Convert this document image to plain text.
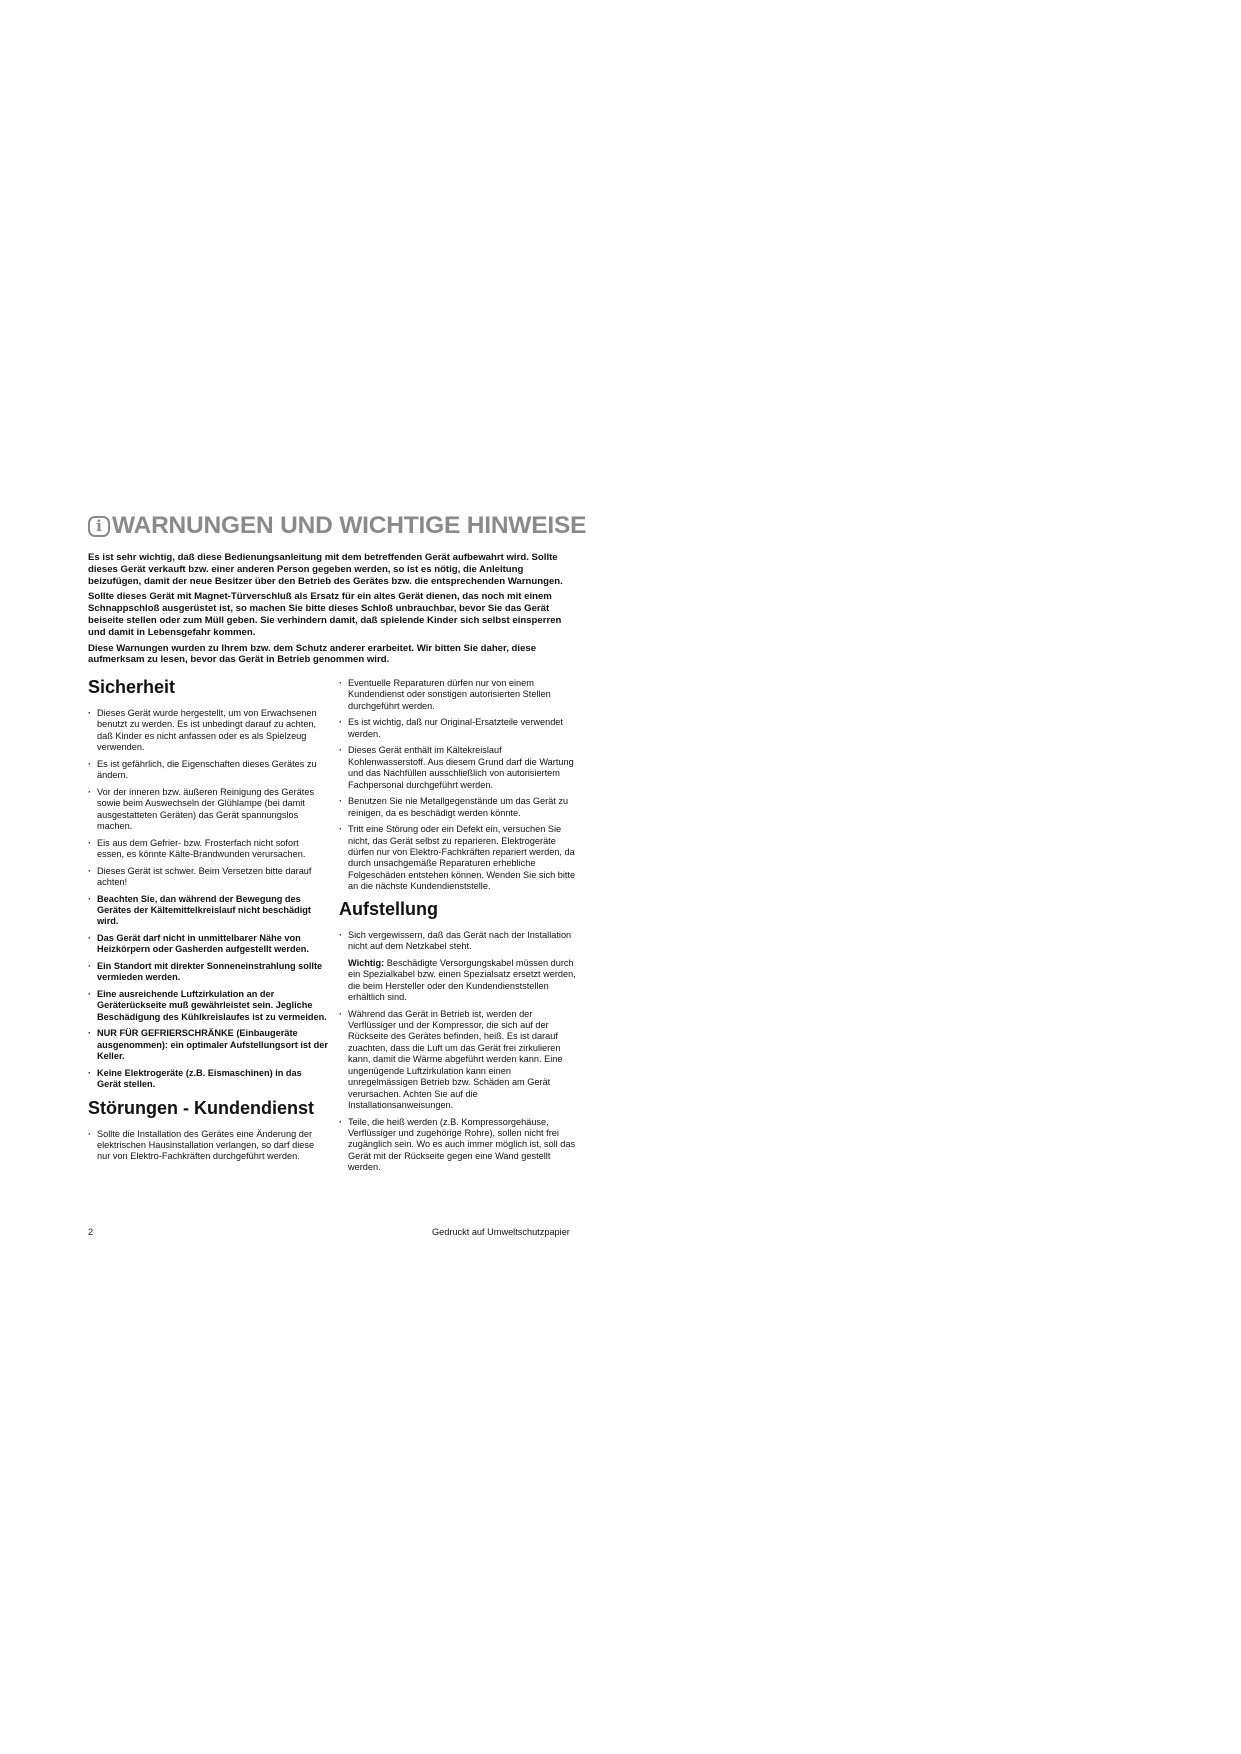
i WARNUNGEN UND WICHTIGE HINWEISE

Es ist sehr wichtig, daß diese Bedienungsanleitung mit dem betreffenden Gerät aufbewahrt wird. Sollte dieses Gerät verkauft bzw. einer anderen Person gegeben werden, so ist es nötig, die Anleitung beizufügen, damit der neue Besitzer über den Betrieb des Gerätes bzw. die entsprechenden Warnungen.

Sollte dieses Gerät mit Magnet-Türverschluß als Ersatz für ein altes Gerät dienen, das noch mit einem Schnappschloß ausgerüstet ist, so machen Sie bitte dieses Schloß unbrauchbar, bevor Sie das Gerät beiseite stellen oder zum Müll geben. Sie verhindern damit, daß spielende Kinder sich selbst einsperren und damit in Lebensgefahr kommen.

Diese Warnungen wurden zu Ihrem bzw. dem Schutz anderer erarbeitet. Wir bitten Sie daher, diese aufmerksam zu lesen, bevor das Gerät in Betrieb genommen wird.

Sicherheit
· Dieses Gerät wurde hergestellt, um von Erwachsenen benutzt zu werden. Es ist unbedingt darauf zu achten, daß Kinder es nicht anfassen oder es als Spielzeug verwenden.
· Es ist gefährlich, die Eigenschaften dieses Gerätes zu ändern.
· Vor der inneren bzw. äußeren Reinigung des Gerätes sowie beim Auswechseln der Glühlampe (bei damit ausgestatteten Geräten) das Gerät spannungslos machen.
· Eis aus dem Gefrier- bzw. Frosterfach nicht sofort essen, es könnte Kälte-Brandwunden verursachen.
· Dieses Gerät ist schwer. Beim Versetzen bitte darauf achten!
· Beachten Sie, dan während der Bewegung des Gerätes der Kältemittelkreislauf nicht beschädigt wird.
· Das Gerät darf nicht in unmittelbarer Nähe von Heizkörpern oder Gasherden aufgestellt werden.
· Ein Standort mit direkter Sonneneinstrahlung sollte vermieden werden.
· Eine ausreichende Luftzirkulation an der Geräterückseite muß gewährleistet sein. Jegliche Beschädigung des Kühlkreislaufes ist zu vermeiden.
· NUR FÜR GEFRIERSCHRÄNKE (Einbaugeräte ausgenommen): ein optimaler Aufstellungsort ist der Keller.
· Keine Elektrogeräte (z.B. Eismaschinen) in das Gerät stellen.
Störungen - Kundendienst
· Sollte die Installation des Gerätes eine Änderung der elektrischen Hausinstallation verlangen, so darf diese nur von Elektro-Fachkräften durchgeführt werden.
· Eventuelle Reparaturen dürfen nur von einem Kundendienst oder sonstigen autorisierten Stellen durchgeführt werden.
· Es ist wichtig, daß nur Original-Ersatzteile verwendet werden.
· Dieses Gerät enthält im Kältekreislauf Kohlenwasserstoff. Aus diesem Grund darf die Wartung und das Nachfüllen ausschließlich von autorisiertem Fachpersonal durchgeführt werden.
· Benutzen Sie nie Metallgegenstände um das Gerät zu reinigen, da es beschädigt werden könnte.
· Tritt eine Störung oder ein Defekt ein, versuchen Sie nicht, das Gerät selbst zu reparieren. Elektrogeräte dürfen nur von Elektro-Fachkräften repariert werden, da durch unsachgemäße Reparaturen erhebliche Folgeschäden entstehen können. Wenden Sie sich bitte an die nächste Kundendienststelle.
Aufstellung
· Sich vergewissern, daß das Gerät nach der Installation nicht auf dem Netzkabel steht.
Wichtig: Beschädigte Versorgungskabel müssen durch ein Spezialkabel bzw. einen Spezialsatz ersetzt werden, die beim Hersteller oder den Kundendienststellen erhältlich sind.
· Während das Gerät in Betrieb ist, werden der Verflüssiger und der Kompressor, die sich auf der Rückseite des Gerätes befinden, heiß. Es ist darauf zuachten, dass die Luft um das Gerät frei zirkulieren kann, damit die Wärme abgeführt werden kann. Eine ungenügende Luftzirkulation kann einen unregelmässigen Betrieb bzw. Schäden am Gerät verursachen. Achten Sie auf die Installationsanweisungen.
· Teile, die heiß werden (z.B. Kompressorgehäuse, Verflüssiger und zugehörige Rohre), sollen nicht frei zugänglich sein. Wo es auch immer möglich ist, soll das Gerät mit der Rückseite gegen eine Wand gestellt werden.
2	Gedruckt auf Umweltschutzpapier
